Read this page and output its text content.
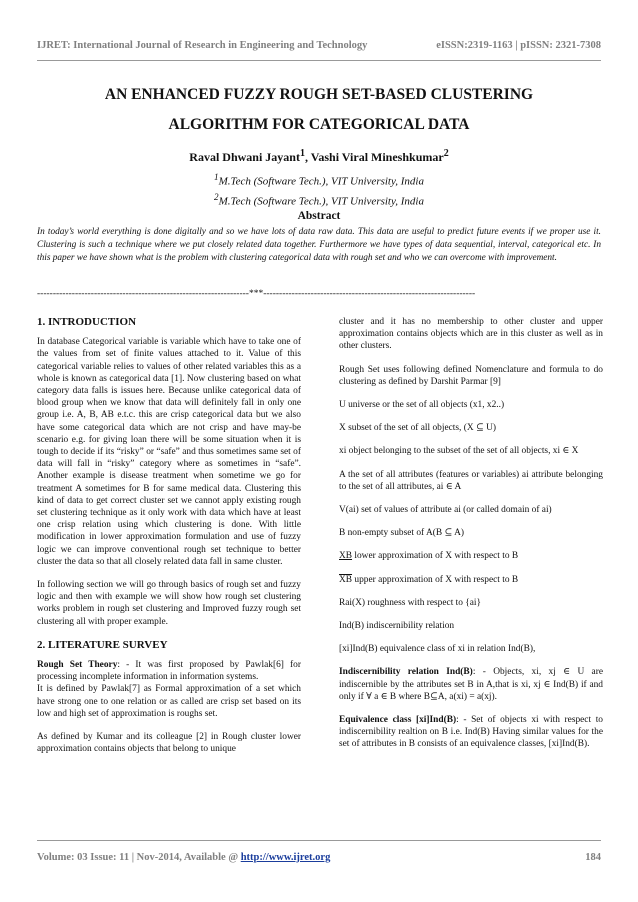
IJRET: International Journal of Research in Engineering and Technology	eISSN:2319-1163 | pISSN: 2321-7308
AN ENHANCED FUZZY ROUGH SET-BASED CLUSTERING
ALGORITHM FOR CATEGORICAL DATA
Raval Dhwani Jayant$^1$, Vashi Viral Mineshkumar$^2$
$^1$M.Tech (Software Tech.), VIT University, India
$^2$M.Tech (Software Tech.), VIT University, India
Abstract
In today’s world everything is done digitally and so we have lots of data raw data. This data are useful to predict future events if we proper use it. Clustering is such a technique where we put closely related data together. Furthermore we have types of data sequential, interval, categorical etc. In this paper we have shown what is the problem with clustering categorical data with rough set and who we can overcome with improvement.
-------------------------------------------------------------------***-------------------------------------------------------------------
1. INTRODUCTION

In database Categorical variable is variable which have to take one of the values from set of finite values attached to it. Value of this categorical variable relies to values of other related variables this as a whole is known as categorical data [1]. Now clustering based on what category data falls is issues here. Because unlike categorical data of blood group when we know that data will definitely fall in only one group i.e. A, B, AB e.t.c. this are crisp categorical data but we also have some categorical data which are not crisp and have may-be scenario e.g. for giving loan there will be some situation when it is tough to decide if its “risky” or “safe” and thus sometimes same set of data will fall in “risky” category where as sometimes in “safe”. Another example is disease treatment when sometime we go for treatment A sometimes for B for same medical data. Clustering this kind of data to get correct cluster set we cannot apply existing rough set clustering technique as it only work with data which have at least one crisp relation using which clustering is done. With little modification in lower approximation formulation and use of fuzzy logic we can improve conventional rough set technique to better cluster the data so that all closely related data fall in same cluster.

In following section we will go through basics of rough set and fuzzy logic and then with example we will show how rough set clustering works problem in rough set clustering and Improved fuzzy rough set clustering all with proper example.

2. LITERATURE SURVEY

Rough Set Theory: - It was first proposed by Pawlak[6] for processing incomplete information in information systems.

It is defined by Pawlak[7] as Formal approximation of a set which have strong one to one relation or as called are crisp set based on its low and high set of approximation is roughs set.

As defined by Kumar and its colleague [2] in Rough cluster lower approximation contains objects that belong to unique

cluster and it has no membership to other cluster and upper approximation contains objects which are in this cluster as well as in other clusters.

Rough Set uses following defined Nomenclature and formula to do clustering as defined by Darshit Parmar [9]

U universe or the set of all objects (x1, x2..)

X subset of the set of all objects, (X ⊆ U)

xi object belonging to the subset of the set of all objects, xi ∈ X

A the set of all attributes (features or variables) ai attribute belonging to the set of all attributes, ai ∈ A

V(ai) set of values of attribute ai (or called domain of ai)

B non-empty subset of A(B ⊆ A)

XB lower approximation of X with respect to B

$\overline{XB}$ upper approximation of X with respect to B

Rai(X) roughness with respect to {ai}

Ind(B) indiscernibility relation

[xi]Ind(B) equivalence class of xi in relation Ind(B),

Indiscernibility relation Ind(B): - Objects, xi, xj ∈ U are indiscernible by the attributes set B in A,that is xi, xj ∈ Ind(B) if and only if ∀ a ∈ B where B⊆A, a(xi) = a(xj).

Equivalence class [xi]Ind(B): - Set of objects xi with respect to indiscernibility realtion on B i.e. Ind(B) Having similar values for the set of attributes in B consists of an equivalence classes, [xi]Ind(B).

Volume: 03 Issue: 11 | Nov-2014, Available @ http://www.ijret.org	184
